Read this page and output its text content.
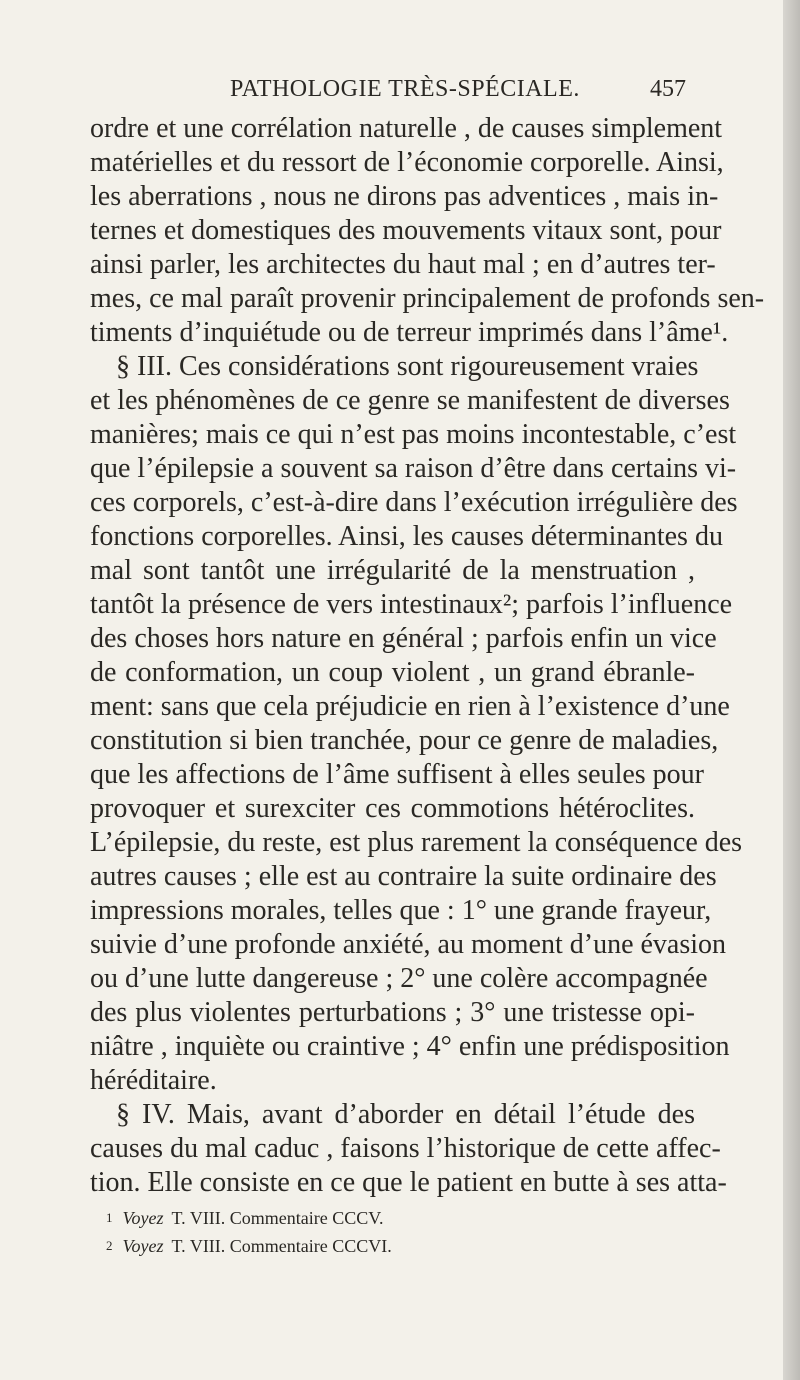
PATHOLOGIE TRÈS-SPÉCIALE.	457
ordre et une corrélation naturelle , de causes simplement
matérielles et du ressort de l’économie corporelle. Ainsi,
les aberrations , nous ne dirons pas adventices , mais in-
ternes et domestiques des mouvements vitaux sont, pour
ainsi parler, les architectes du haut mal ; en d’autres ter-
mes, ce mal paraît provenir principalement de profonds sen-
timents d’inquiétude ou de terreur imprimés dans l’âme¹.
§ III. Ces considérations sont rigoureusement vraies
et les phénomènes de ce genre se manifestent de diverses
manières; mais ce qui n’est pas moins incontestable, c’est
que l’épilepsie a souvent sa raison d’être dans certains vi-
ces corporels, c’est-à-dire dans l’exécution irrégulière des
fonctions corporelles. Ainsi, les causes déterminantes du
mal sont tantôt une irrégularité de la menstruation ,
tantôt la présence de vers intestinaux²; parfois l’influence
des choses hors nature en général ; parfois enfin un vice
de conformation, un coup violent , un grand ébranle-
ment: sans que cela préjudicie en rien à l’existence d’une
constitution si bien tranchée, pour ce genre de maladies,
que les affections de l’âme suffisent à elles seules pour
provoquer et surexciter ces commotions hétéroclites.
L’épilepsie, du reste, est plus rarement la conséquence des
autres causes ; elle est au contraire la suite ordinaire des
impressions morales, telles que : 1° une grande frayeur,
suivie d’une profonde anxiété, au moment d’une évasion
ou d’une lutte dangereuse ; 2° une colère accompagnée
des plus violentes perturbations ; 3° une tristesse opi-
niâtre , inquiète ou craintive ; 4° enfin une prédisposition
héréditaire.
§ IV. Mais, avant d’aborder en détail l’étude des
causes du mal caduc , faisons l’historique de cette affec-
tion. Elle consiste en ce que le patient en butte à ses atta-
$^1$ Voyez T. VIII. Commentaire CCCV.
$^2$ Voyez T. VIII. Commentaire CCCVI.
